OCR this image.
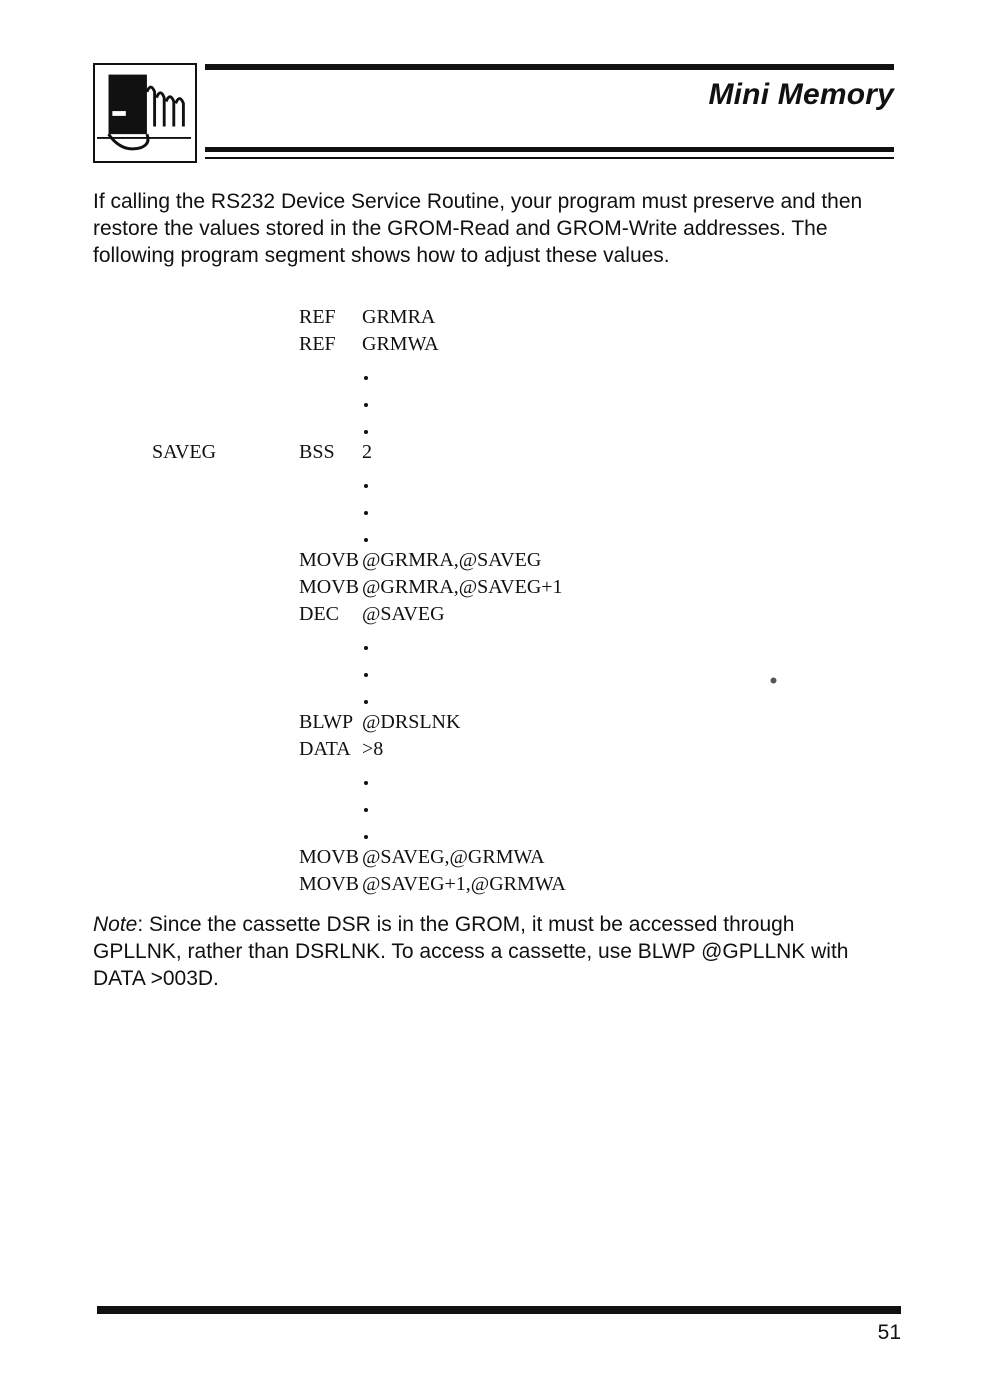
Mini Memory

If calling the RS232 Device Service Routine, your program must preserve and then restore the values stored in the GROM-Read and GROM-Write addresses. The following program segment shows how to adjust these values.

REF GRMRA
REF GRMWA
SAVEG	BSS 2
MOVB @GRMRA,@SAVEG
MOVB @GRMRA,@SAVEG+1
DEC @SAVEG
BLWP @DRSLNK
DATA >8
MOVB @SAVEG,@GRMWA
MOVB @SAVEG+1,@GRMWA

Note: Since the cassette DSR is in the GROM, it must be accessed through GPLLNK, rather than DSRLNK. To access a cassette, use BLWP @GPLLNK with DATA >003D.

51
